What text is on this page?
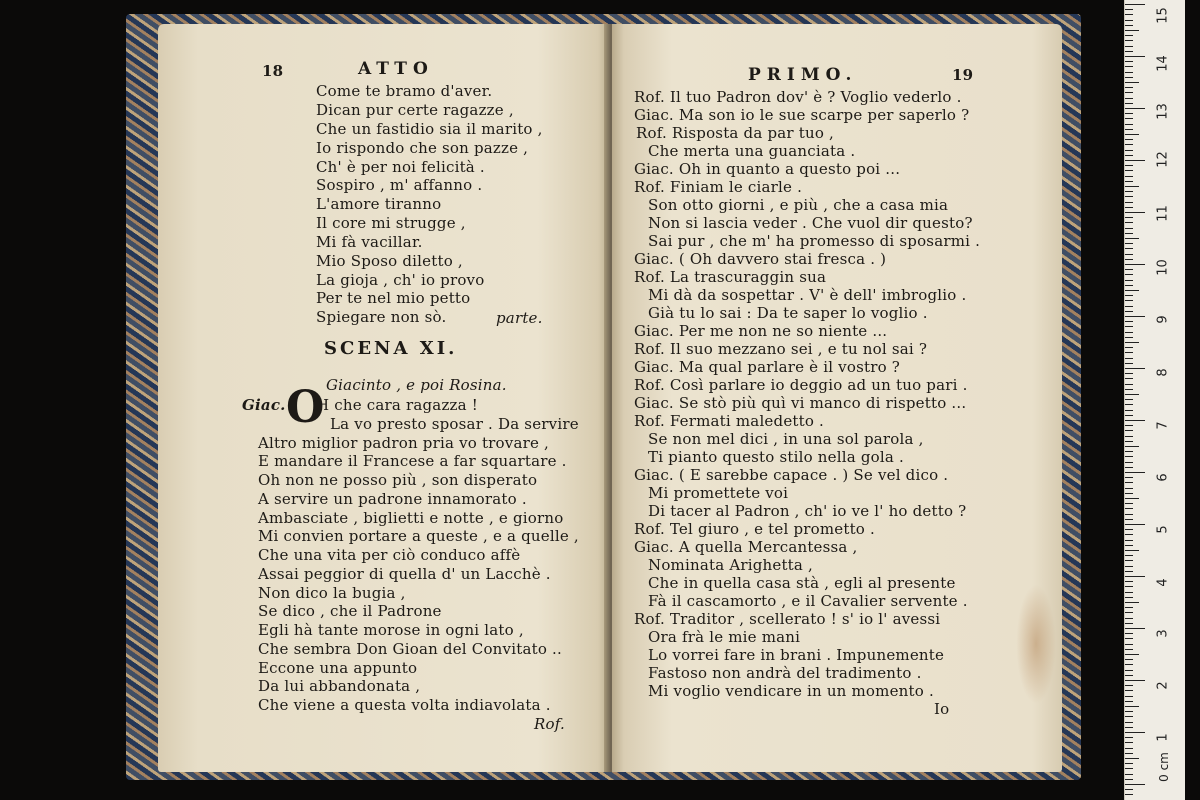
18	ATTO
Come te bramo d'aver.
Dican pur certe ragazze ,
Che un fastidio sia il marito ,
Io rispondo che son pazze ,
Ch' è per noi felicità .
Sospiro , m' affanno .
L'amore tiranno
Il core mi strugge ,
Mi fà vacillar.
Mio Sposo diletto ,
La gioja , ch' io provo
Per te nel mio petto
Spiegare non sò.	parte.
SCENA XI.
Giacinto , e poi Rosina.
Giac. O
H che cara ragazza !
La vo presto sposar . Da servire
Altro miglior padron pria vo trovare ,
E mandare il Francese a far squartare .
Oh non ne posso più , son disperato
A servire un padrone innamorato .
Ambasciate , biglietti e notte , e giorno
Mi convien portare a queste , e a quelle ,
Che una vita per ciò conduco affè
Assai peggior di quella d' un Lacchè .
Non dico la bugia ,
Se dico , che il Padrone
Egli hà tante morose in ogni lato ,
Che sembra Don Gioan del Convitato ..
Eccone una appunto
Da lui abbandonata ,
Che viene a questa volta indiavolata .
Rof.
PRIMO.	19
Rof. Il tuo Padron dov' è ? Voglio vederlo .
Giac. Ma son io le sue scarpe per saperlo ?
Rof. Risposta da par tuo ,
Che merta una guanciata .
Giac. Oh in quanto a questo poi ...
Rof. Finiam le ciarle .
Son otto giorni , e più , che a casa mia
Non si lascia veder . Che vuol dir questo?
Sai pur , che m' ha promesso di sposarmi .
Giac. ( Oh davvero stai fresca . )
Rof. La trascuraggin sua
Mi dà da sospettar . V' è dell' imbroglio .
Già tu lo sai : Da te saper lo voglio .
Giac. Per me non ne so niente ...
Rof. Il suo mezzano sei , e tu nol sai ?
Giac. Ma qual parlare è il vostro ?
Rof. Così parlare io deggio ad un tuo pari .
Giac. Se stò più quì vi manco di rispetto ...
Rof. Fermati maledetto .
Se non mel dici , in una sol parola ,
Ti pianto questo stilo nella gola .
Giac. ( E sarebbe capace . ) Se vel dico .
Mi promettete voi
Di tacer al Padron , ch' io ve l' ho detto ?
Rof. Tel giuro , e tel prometto .
Giac. A quella Mercantessa ,
Nominata Arighetta ,
Che in quella casa stà , egli al presente
Fà il cascamorto , e il Cavalier servente .
Rof. Traditor , scellerato ! s' io l' avessi
Ora frà le mie mani
Lo vorrei fare in brani . Impunemente
Fastoso non andrà del tradimento .
Mi voglio vendicare in un momento .
Io
15
14
13
12
11
10
9
8
7
6
5
4
3
2
1
0 cm
